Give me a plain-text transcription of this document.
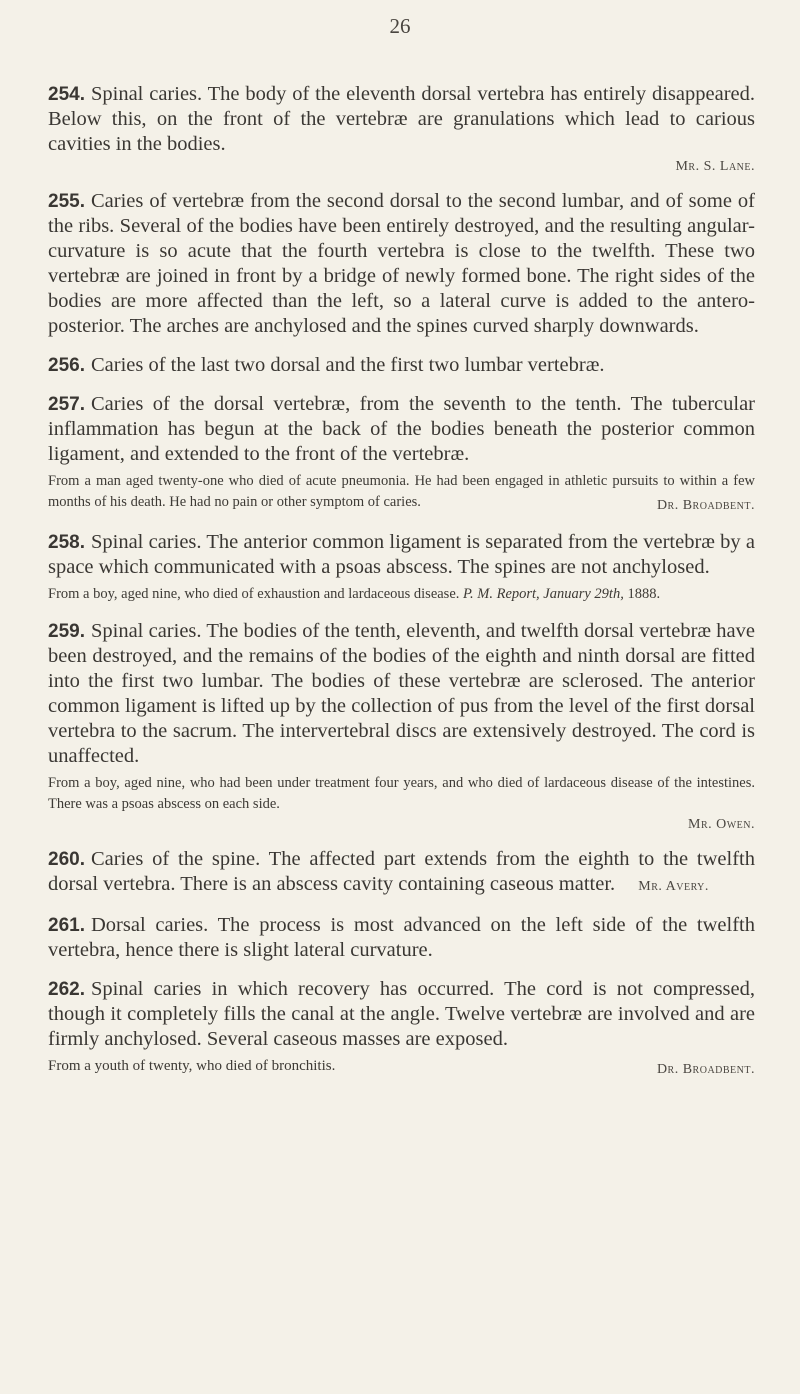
26
254. Spinal caries. The body of the eleventh dorsal vertebra has entirely disappeared. Below this, on the front of the vertebræ are granulations which lead to carious cavities in the bodies.
Mr. S. Lane.
255. Caries of vertebræ from the second dorsal to the second lumbar, and of some of the ribs. Several of the bodies have been entirely destroyed, and the resulting angular-curvature is so acute that the fourth vertebra is close to the twelfth. These two vertebræ are joined in front by a bridge of newly formed bone. The right sides of the bodies are more affected than the left, so a lateral curve is added to the antero-posterior. The arches are anchylosed and the spines curved sharply downwards.
256. Caries of the last two dorsal and the first two lumbar vertebræ.
257. Caries of the dorsal vertebræ, from the seventh to the tenth. The tubercular inflammation has begun at the back of the bodies beneath the posterior common ligament, and extended to the front of the vertebræ.
From a man aged twenty-one who died of acute pneumonia. He had been engaged in athletic pursuits to within a few months of his death. He had no pain or other symptom of caries.	Dr. Broadbent.
258. Spinal caries. The anterior common ligament is separated from the vertebræ by a space which communicated with a psoas abscess. The spines are not anchylosed.
From a boy, aged nine, who died of exhaustion and lardaceous disease. P. M. Report, January 29th, 1888.
259. Spinal caries. The bodies of the tenth, eleventh, and twelfth dorsal vertebræ have been destroyed, and the remains of the bodies of the eighth and ninth dorsal are fitted into the first two lumbar. The bodies of these vertebræ are sclerosed. The anterior common ligament is lifted up by the collection of pus from the level of the first dorsal vertebra to the sacrum. The intervertebral discs are extensively destroyed. The cord is unaffected.
From a boy, aged nine, who had been under treatment four years, and who died of lardaceous disease of the intestines. There was a psoas abscess on each side.
Mr. Owen.
260. Caries of the spine. The affected part extends from the eighth to the twelfth dorsal vertebra. There is an abscess cavity containing caseous matter. Mr. Avery.
261. Dorsal caries. The process is most advanced on the left side of the twelfth vertebra, hence there is slight lateral curvature.
262. Spinal caries in which recovery has occurred. The cord is not compressed, though it completely fills the canal at the angle. Twelve vertebræ are involved and are firmly anchylosed. Several caseous masses are exposed.
From a youth of twenty, who died of bronchitis.	Dr. Broadbent.
